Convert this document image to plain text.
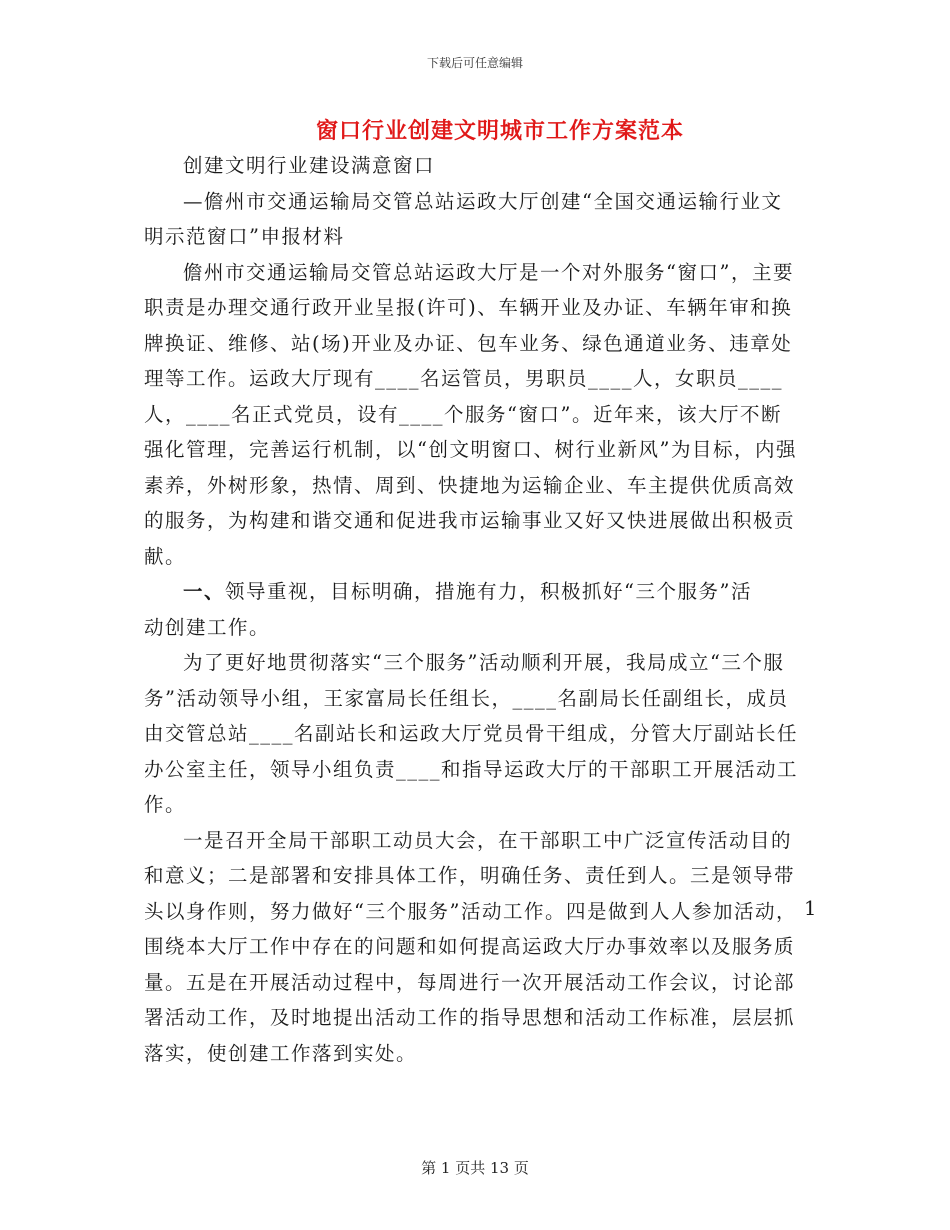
下载后可任意编辑
窗口行业创建文明城市工作方案范本

创建文明行业建设满意窗口

—儋州市交通运输局交管总站运政大厅创建“全国交通运输行业文明示范窗口”申报材料

儋州市交通运输局交管总站运政大厅是一个对外服务“窗口”，主要职责是办理交通行政开业呈报(许可)、车辆开业及办证、车辆年审和换牌换证、维修、站(场)开业及办证、包车业务、绿色通道业务、违章处理等工作。运政大厅现有____名运管员，男职员____人，女职员____人，____名正式党员，设有____个服务“窗口”。近年来，该大厅不断强化管理，完善运行机制，以“创文明窗口、树行业新风”为目标，内强素养，外树形象，热情、周到、快捷地为运输企业、车主提供优质高效的服务，为构建和谐交通和促进我市运输事业又好又快进展做出积极贡献。

一、领导重视，目标明确，措施有力，积极抓好“三个服务”活

动创建工作。

为了更好地贯彻落实“三个服务”活动顺利开展，我局成立“三个服务”活动领导小组，王家富局长任组长，____名副局长任副组长，成员由交管总站____名副站长和运政大厅党员骨干组成，分管大厅副站长任办公室主任，领导小组负责____和指导运政大厅的干部职工开展活动工作。

一是召开全局干部职工动员大会，在干部职工中广泛宣传活动目的和意义；二是部署和安排具体工作，明确任务、责任到人。三是领导带头以身作则，努力做好“三个服务”活动工作。四是做到人人参加活动，围绕本大厅工作中存在的问题和如何提高运政大厅办事效率以及服务质量。五是在开展活动过程中，每周进行一次开展活动工作会议，讨论部署活动工作，及时地提出活动工作的指导思想和活动工作标准，层层抓落实，使创建工作落到实处。

1
第 1 页共 13 页
